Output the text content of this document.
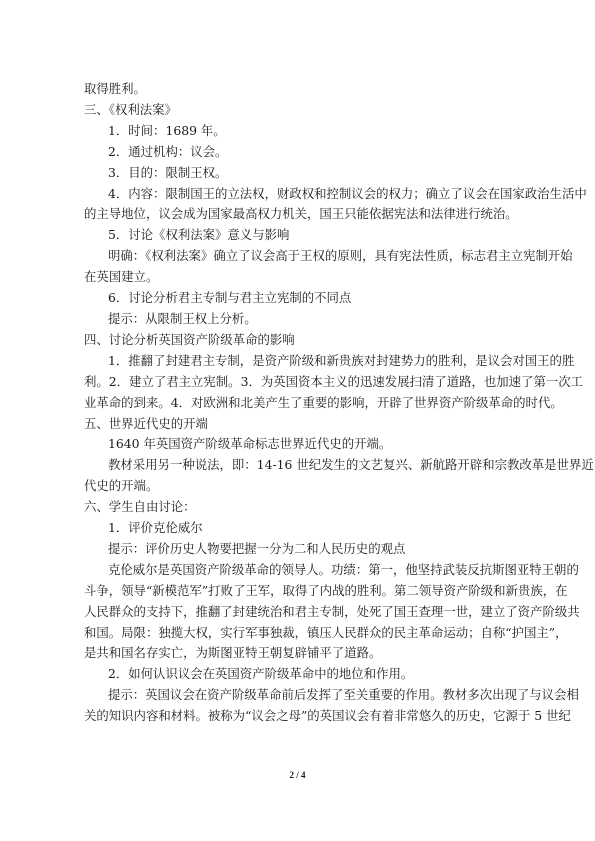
取得胜利。
三、《权利法案》
1．时间：1689 年。
2．通过机构：议会。
3．目的：限制王权。
4．内容：限制国王的立法权，财政权和控制议会的权力；确立了议会在国家政治生活中
的主导地位，议会成为国家最高权力机关，国王只能依据宪法和法律进行统治。
5．讨论《权利法案》意义与影响
明确：《权利法案》确立了议会高于王权的原则，具有宪法性质，标志君主立宪制开始
在英国建立。
6．讨论分析君主专制与君主立宪制的不同点
提示：从限制王权上分析。
四、讨论分析英国资产阶级革命的影响
1．推翻了封建君主专制，是资产阶级和新贵族对封建势力的胜利，是议会对国王的胜
利。2．建立了君主立宪制。3．为英国资本主义的迅速发展扫清了道路，也加速了第一次工
业革命的到来。4．对欧洲和北美产生了重要的影响，开辟了世界资产阶级革命的时代。
五、世界近代史的开端
1640 年英国资产阶级革命标志世界近代史的开端。
教材采用另一种说法，即：14-16 世纪发生的文艺复兴、新航路开辟和宗教改革是世界近
代史的开端。
六、学生自由讨论：
1．评价克伦威尔
提示：评价历史人物要把握一分为二和人民历史的观点
克伦威尔是英国资产阶级革命的领导人。功绩：第一，他坚持武装反抗斯图亚特王朝的
斗争，领导“新模范军”打败了王军，取得了内战的胜利。第二领导资产阶级和新贵族，在
人民群众的支持下，推翻了封建统治和君主专制，处死了国王查理一世，建立了资产阶级共
和国。局限：独揽大权，实行军事独裁，镇压人民群众的民主革命运动；自称“护国主”，
是共和国名存实亡，为斯图亚特王朝复辟铺平了道路。
2．如何认识议会在英国资产阶级革命中的地位和作用。
提示：英国议会在资产阶级革命前后发挥了至关重要的作用。教材多次出现了与议会相
关的知识内容和材料。被称为“议会之母”的英国议会有着非常悠久的历史，它源于 5 世纪
2 / 4
